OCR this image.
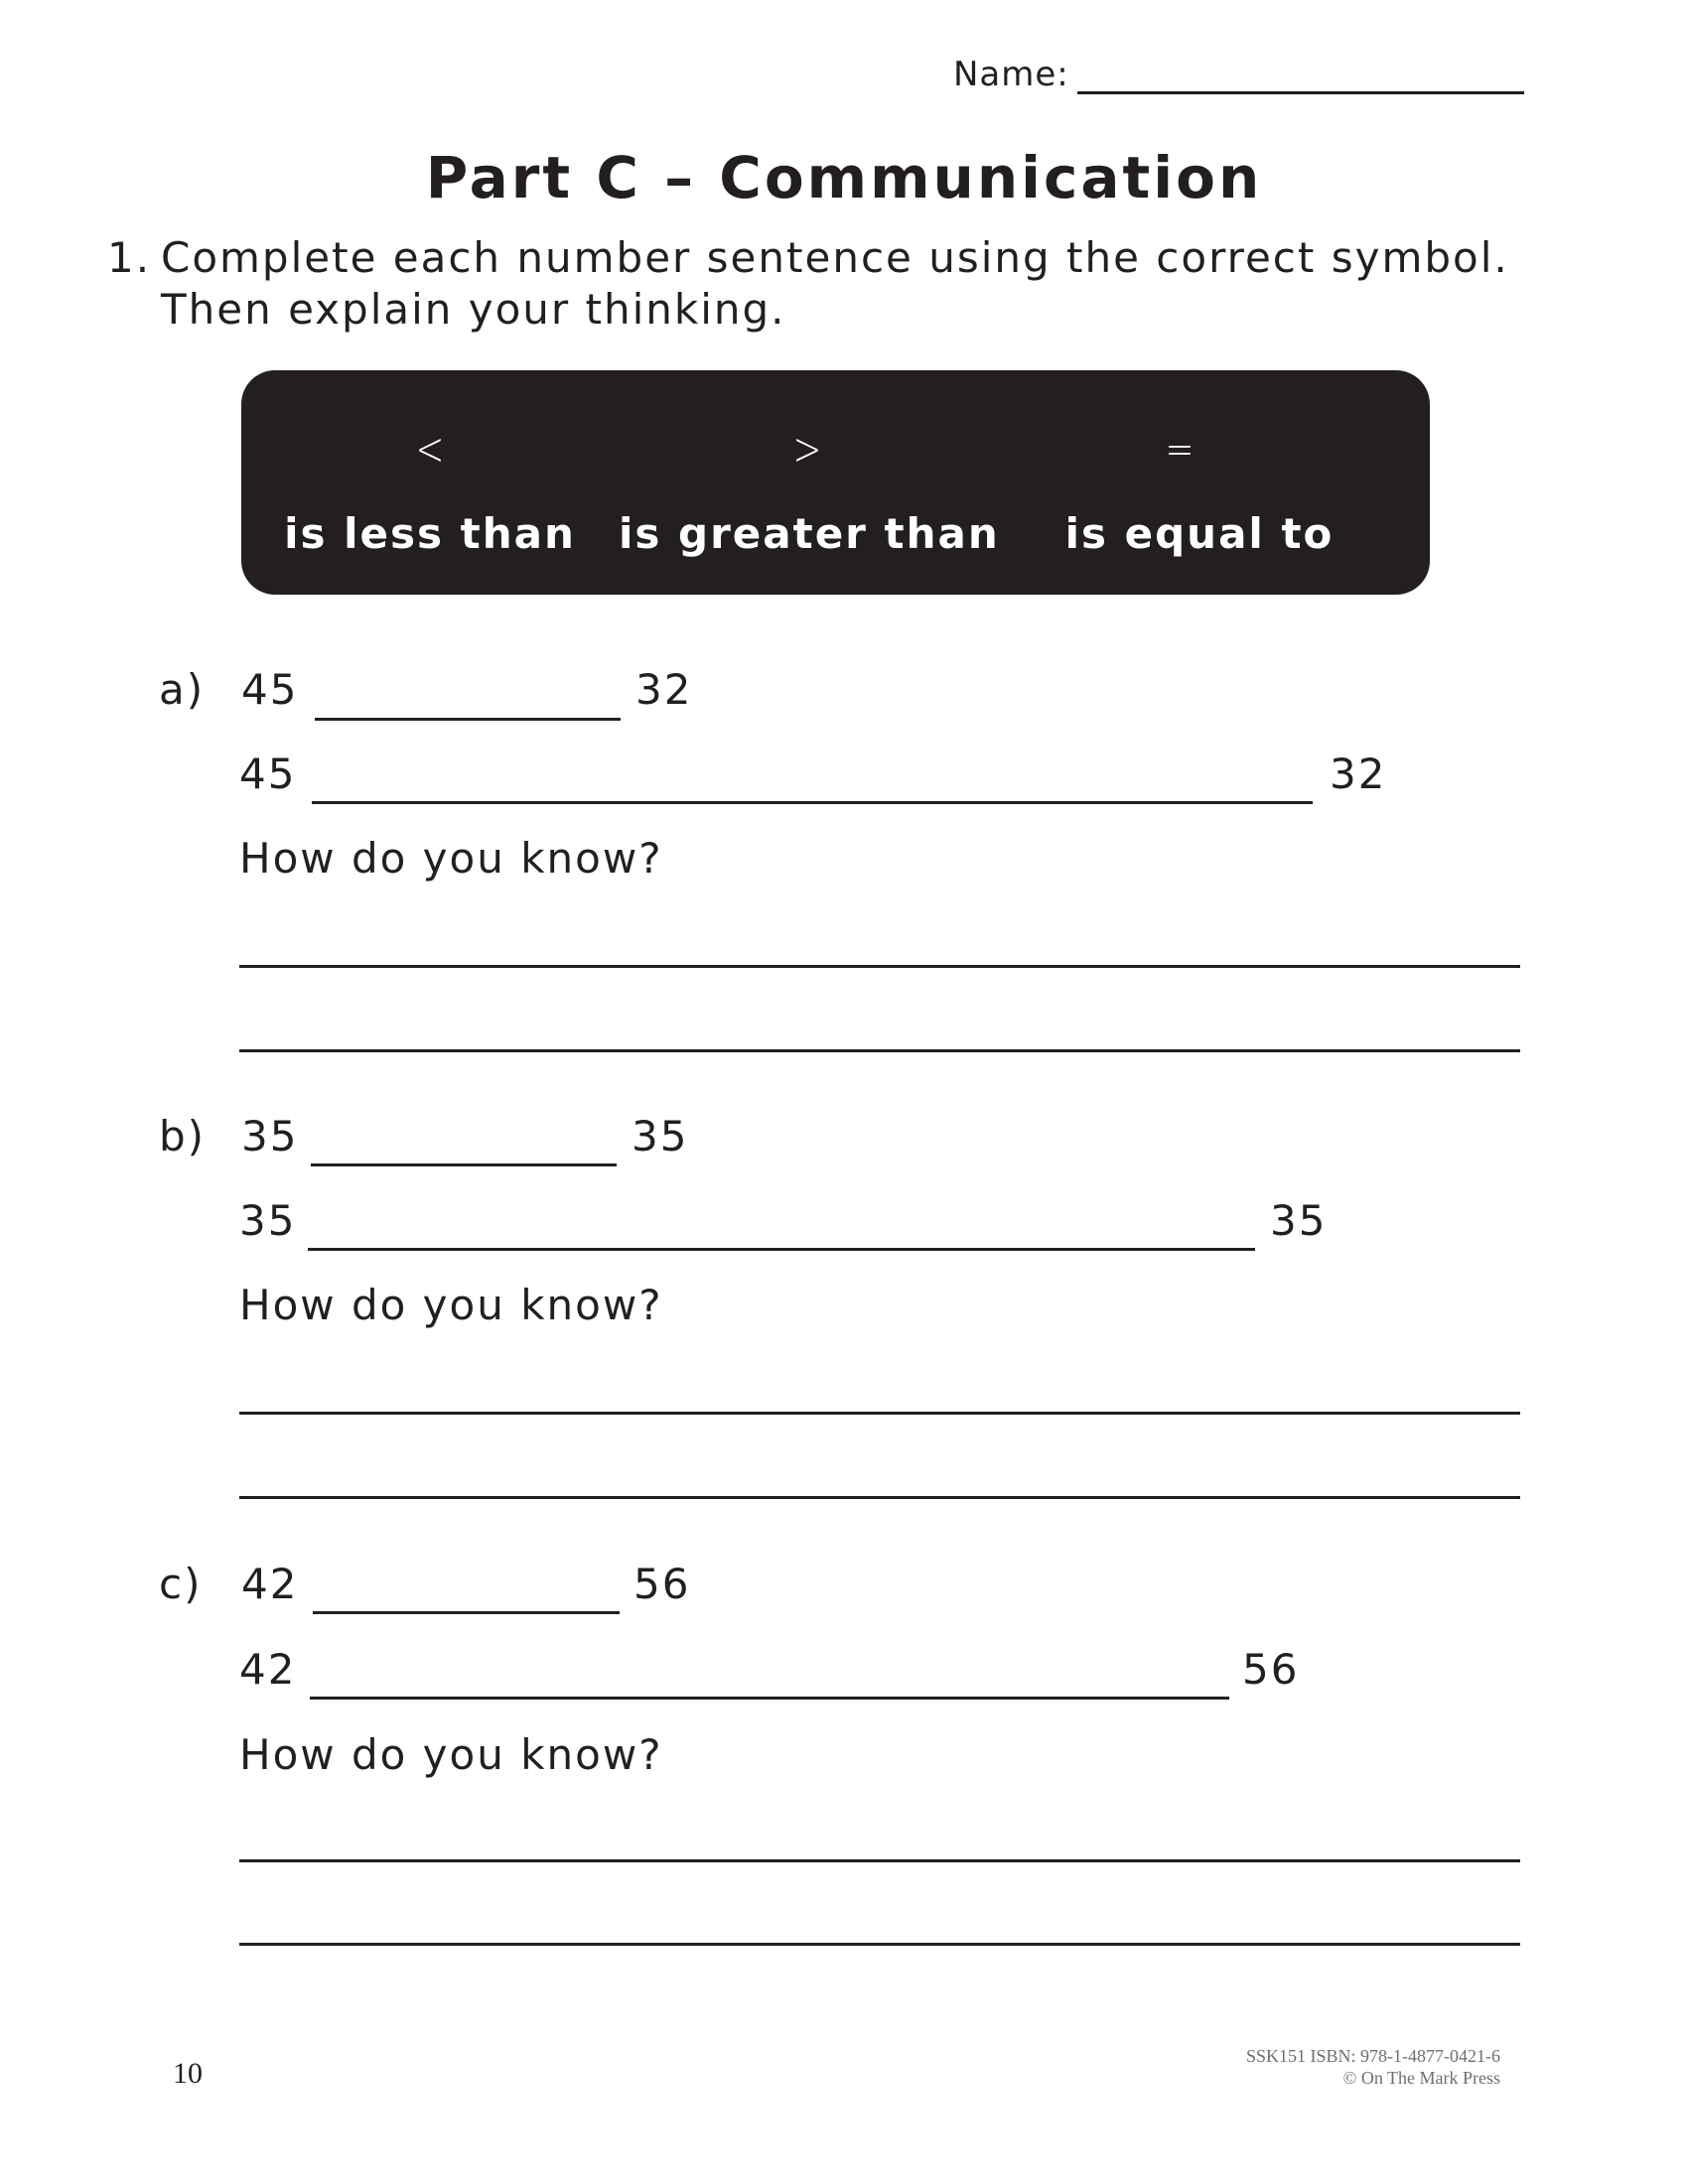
Name:
Part C – Communication
1. Complete each number sentence using the correct symbol.
Then explain your thinking.
<
is less than
>
is greater than
=
is equal to
a) 45	32
45	32
How do you know?
b) 35	35
35	35
How do you know?
c) 42	56
42	56
How do you know?
10
SSK151 ISBN: 978-1-4877-0421-6
© On The Mark Press
